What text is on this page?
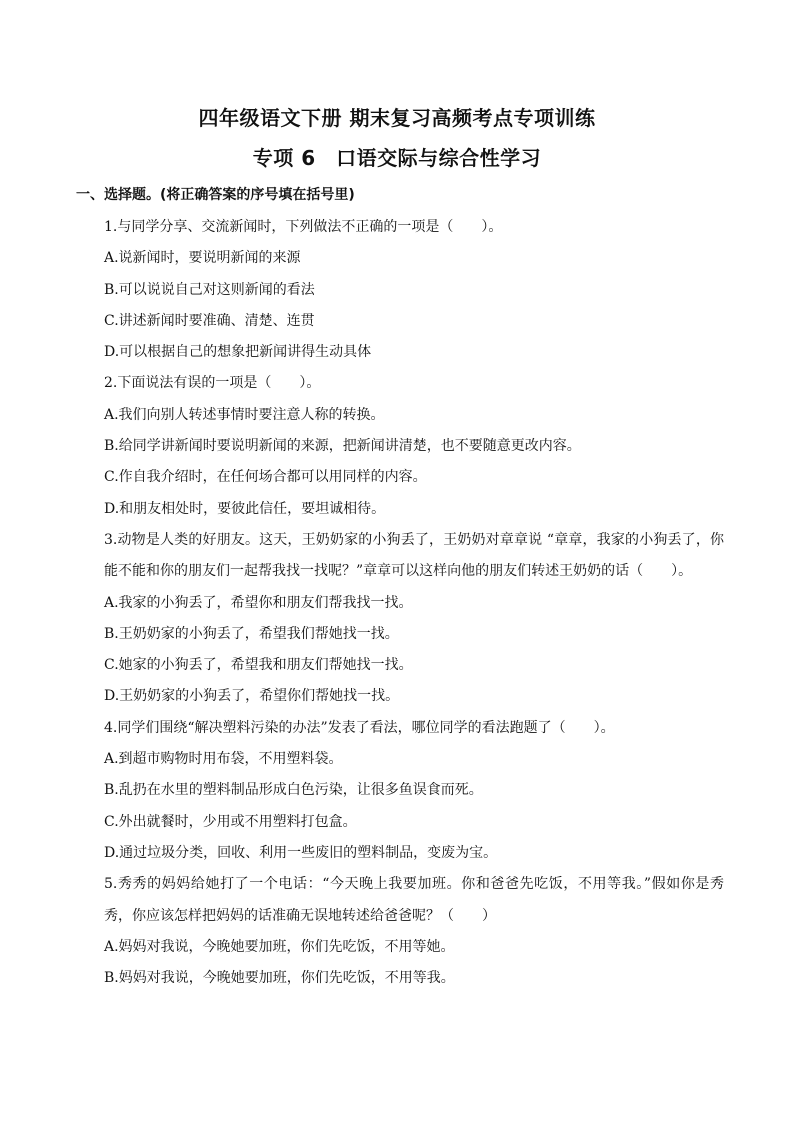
四年级语文下册 期末复习高频考点专项训练
专项 6　口语交际与综合性学习
一、选择题。(将正确答案的序号填在括号里)
1.与同学分享、交流新闻时，下列做法不正确的一项是（　　）。
A.说新闻时，要说明新闻的来源
B.可以说说自己对这则新闻的看法
C.讲述新闻时要准确、清楚、连贯
D.可以根据自己的想象把新闻讲得生动具体
2.下面说法有误的一项是（　　）。
A.我们向别人转述事情时要注意人称的转换。
B.给同学讲新闻时要说明新闻的来源，把新闻讲清楚，也不要随意更改内容。
C.作自我介绍时，在任何场合都可以用同样的内容。
D.和朋友相处时，要彼此信任，要坦诚相待。
3.动物是人类的好朋友。这天，王奶奶家的小狗丢了，王奶奶对章章说 “章章，我家的小狗丢了，你能不能和你的朋友们一起帮我找一找呢？”章章可以这样向他的朋友们转述王奶奶的话（　　）。
A.我家的小狗丢了，希望你和朋友们帮我找一找。
B.王奶奶家的小狗丢了，希望我们帮她找一找。
C.她家的小狗丢了，希望我和朋友们帮她找一找。
D.王奶奶家的小狗丢了，希望你们帮她找一找。
4.同学们围绕“解决塑料污染的办法”发表了看法，哪位同学的看法跑题了（　　）。
A.到超市购物时用布袋，不用塑料袋。
B.乱扔在水里的塑料制品形成白色污染，让很多鱼误食而死。
C.外出就餐时，少用或不用塑料打包盒。
D.通过垃圾分类，回收、利用一些废旧的塑料制品，变废为宝。
5.秀秀的妈妈给她打了一个电话：“今天晚上我要加班。你和爸爸先吃饭，不用等我。”假如你是秀秀，你应该怎样把妈妈的话准确无误地转述给爸爸呢？（　　）
A.妈妈对我说，今晚她要加班，你们先吃饭，不用等她。
B.妈妈对我说，今晚她要加班，你们先吃饭，不用等我。
